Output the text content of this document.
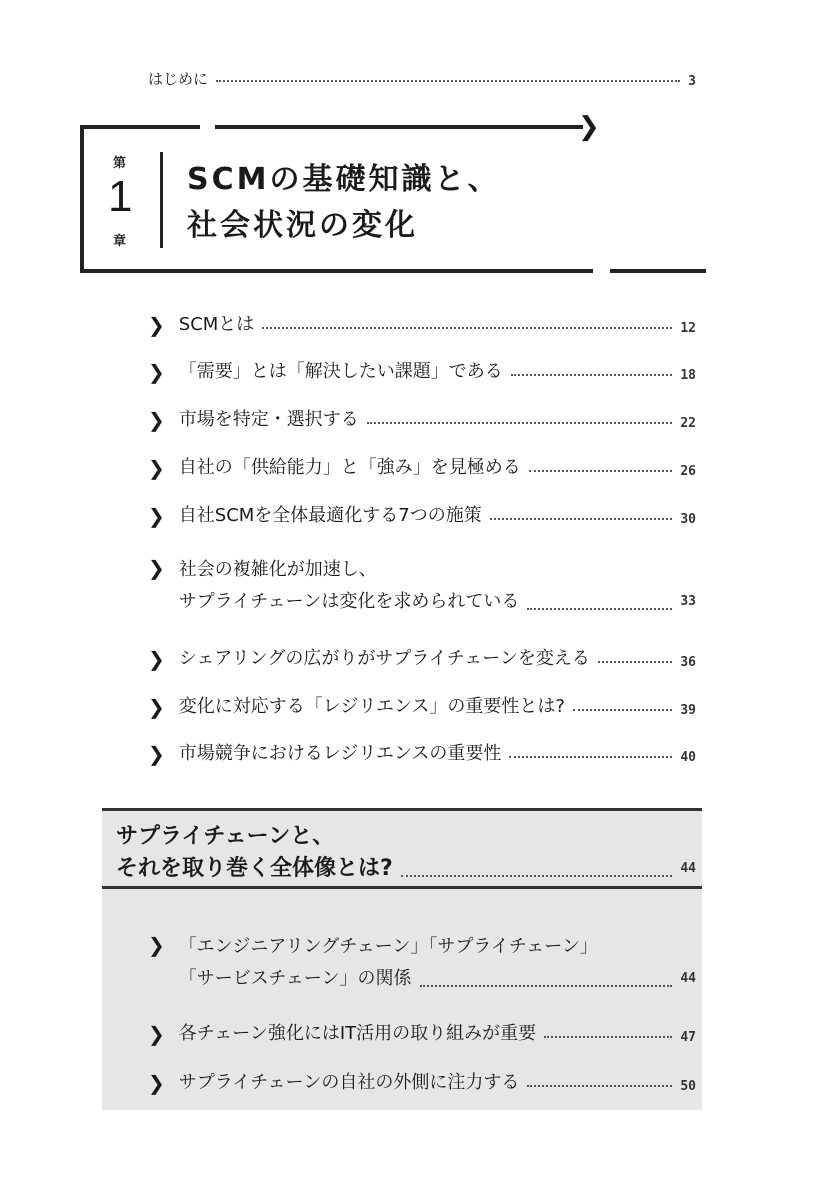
はじめに	3
❯
第
1
章
SCMの基礎知識と、
社会状況の変化
❯ SCMとは	12
❯ 「需要」とは「解決したい課題」である	18
❯ 市場を特定・選択する	22
❯ 自社の「供給能力」と「強み」を見極める	26
❯ 自社SCMを全体最適化する7つの施策	30
❯ 社会の複雑化が加速し、
サプライチェーンは変化を求められている	33
❯ シェアリングの広がりがサプライチェーンを変える	36
❯ 変化に対応する「レジリエンス」の重要性とは?	39
❯ 市場競争におけるレジリエンスの重要性	40
サプライチェーンと、
それを取り巻く全体像とは?	44
❯ 「エンジニアリングチェーン」「サプライチェーン」
「サービスチェーン」の関係	44
❯ 各チェーン強化にはIT活用の取り組みが重要	47
❯ サプライチェーンの自社の外側に注力する	50
